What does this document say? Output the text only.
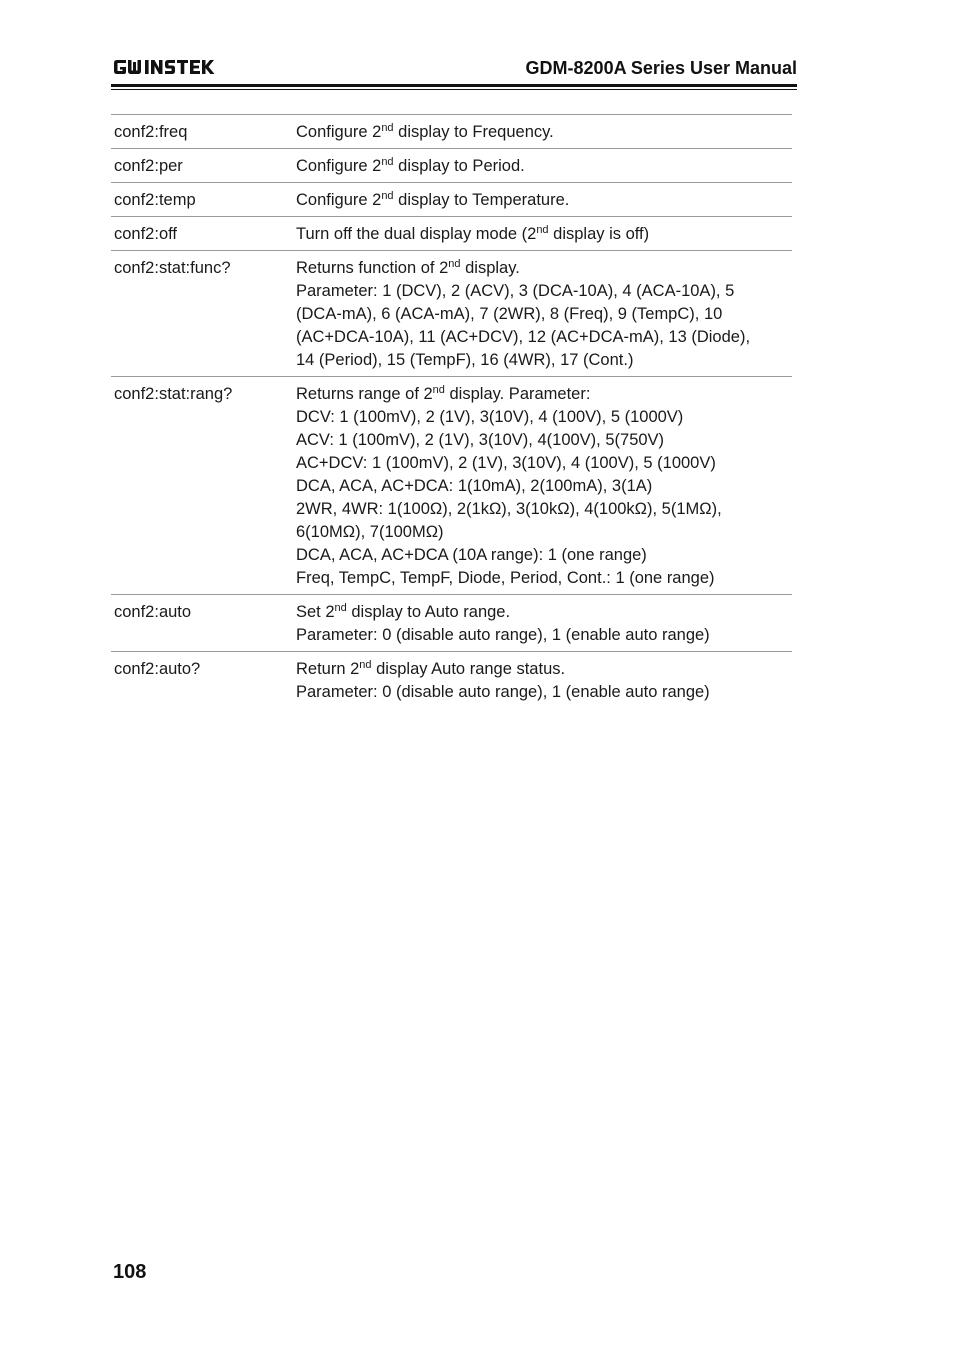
GDM-8200A Series User Manual
conf2:freq	Configure 2nd display to Frequency.
conf2:per	Configure 2nd display to Period.
conf2:temp	Configure 2nd display to Temperature.
conf2:off	Turn off the dual display mode (2nd display is off)
conf2:stat:func?	Returns function of 2nd display.
Parameter: 1 (DCV), 2 (ACV), 3 (DCA-10A), 4 (ACA-10A), 5
(DCA-mA), 6 (ACA-mA), 7 (2WR), 8 (Freq), 9 (TempC), 10
(AC+DCA-10A), 11 (AC+DCV), 12 (AC+DCA-mA), 13 (Diode),
14 (Period), 15 (TempF), 16 (4WR), 17 (Cont.)
conf2:stat:rang?	Returns range of 2nd display. Parameter:
DCV: 1 (100mV), 2 (1V), 3(10V), 4 (100V), 5 (1000V)
ACV: 1 (100mV), 2 (1V), 3(10V), 4(100V), 5(750V)
AC+DCV: 1 (100mV), 2 (1V), 3(10V), 4 (100V), 5 (1000V)
DCA, ACA, AC+DCA: 1(10mA), 2(100mA), 3(1A)
2WR, 4WR: 1(100Ω), 2(1kΩ), 3(10kΩ), 4(100kΩ), 5(1MΩ),
6(10MΩ), 7(100MΩ)
DCA, ACA, AC+DCA (10A range): 1 (one range)
Freq, TempC, TempF, Diode, Period, Cont.: 1 (one range)
conf2:auto	Set 2nd display to Auto range.
Parameter: 0 (disable auto range), 1 (enable auto range)
conf2:auto?	Return 2nd display Auto range status.
Parameter: 0 (disable auto range), 1 (enable auto range)
108
